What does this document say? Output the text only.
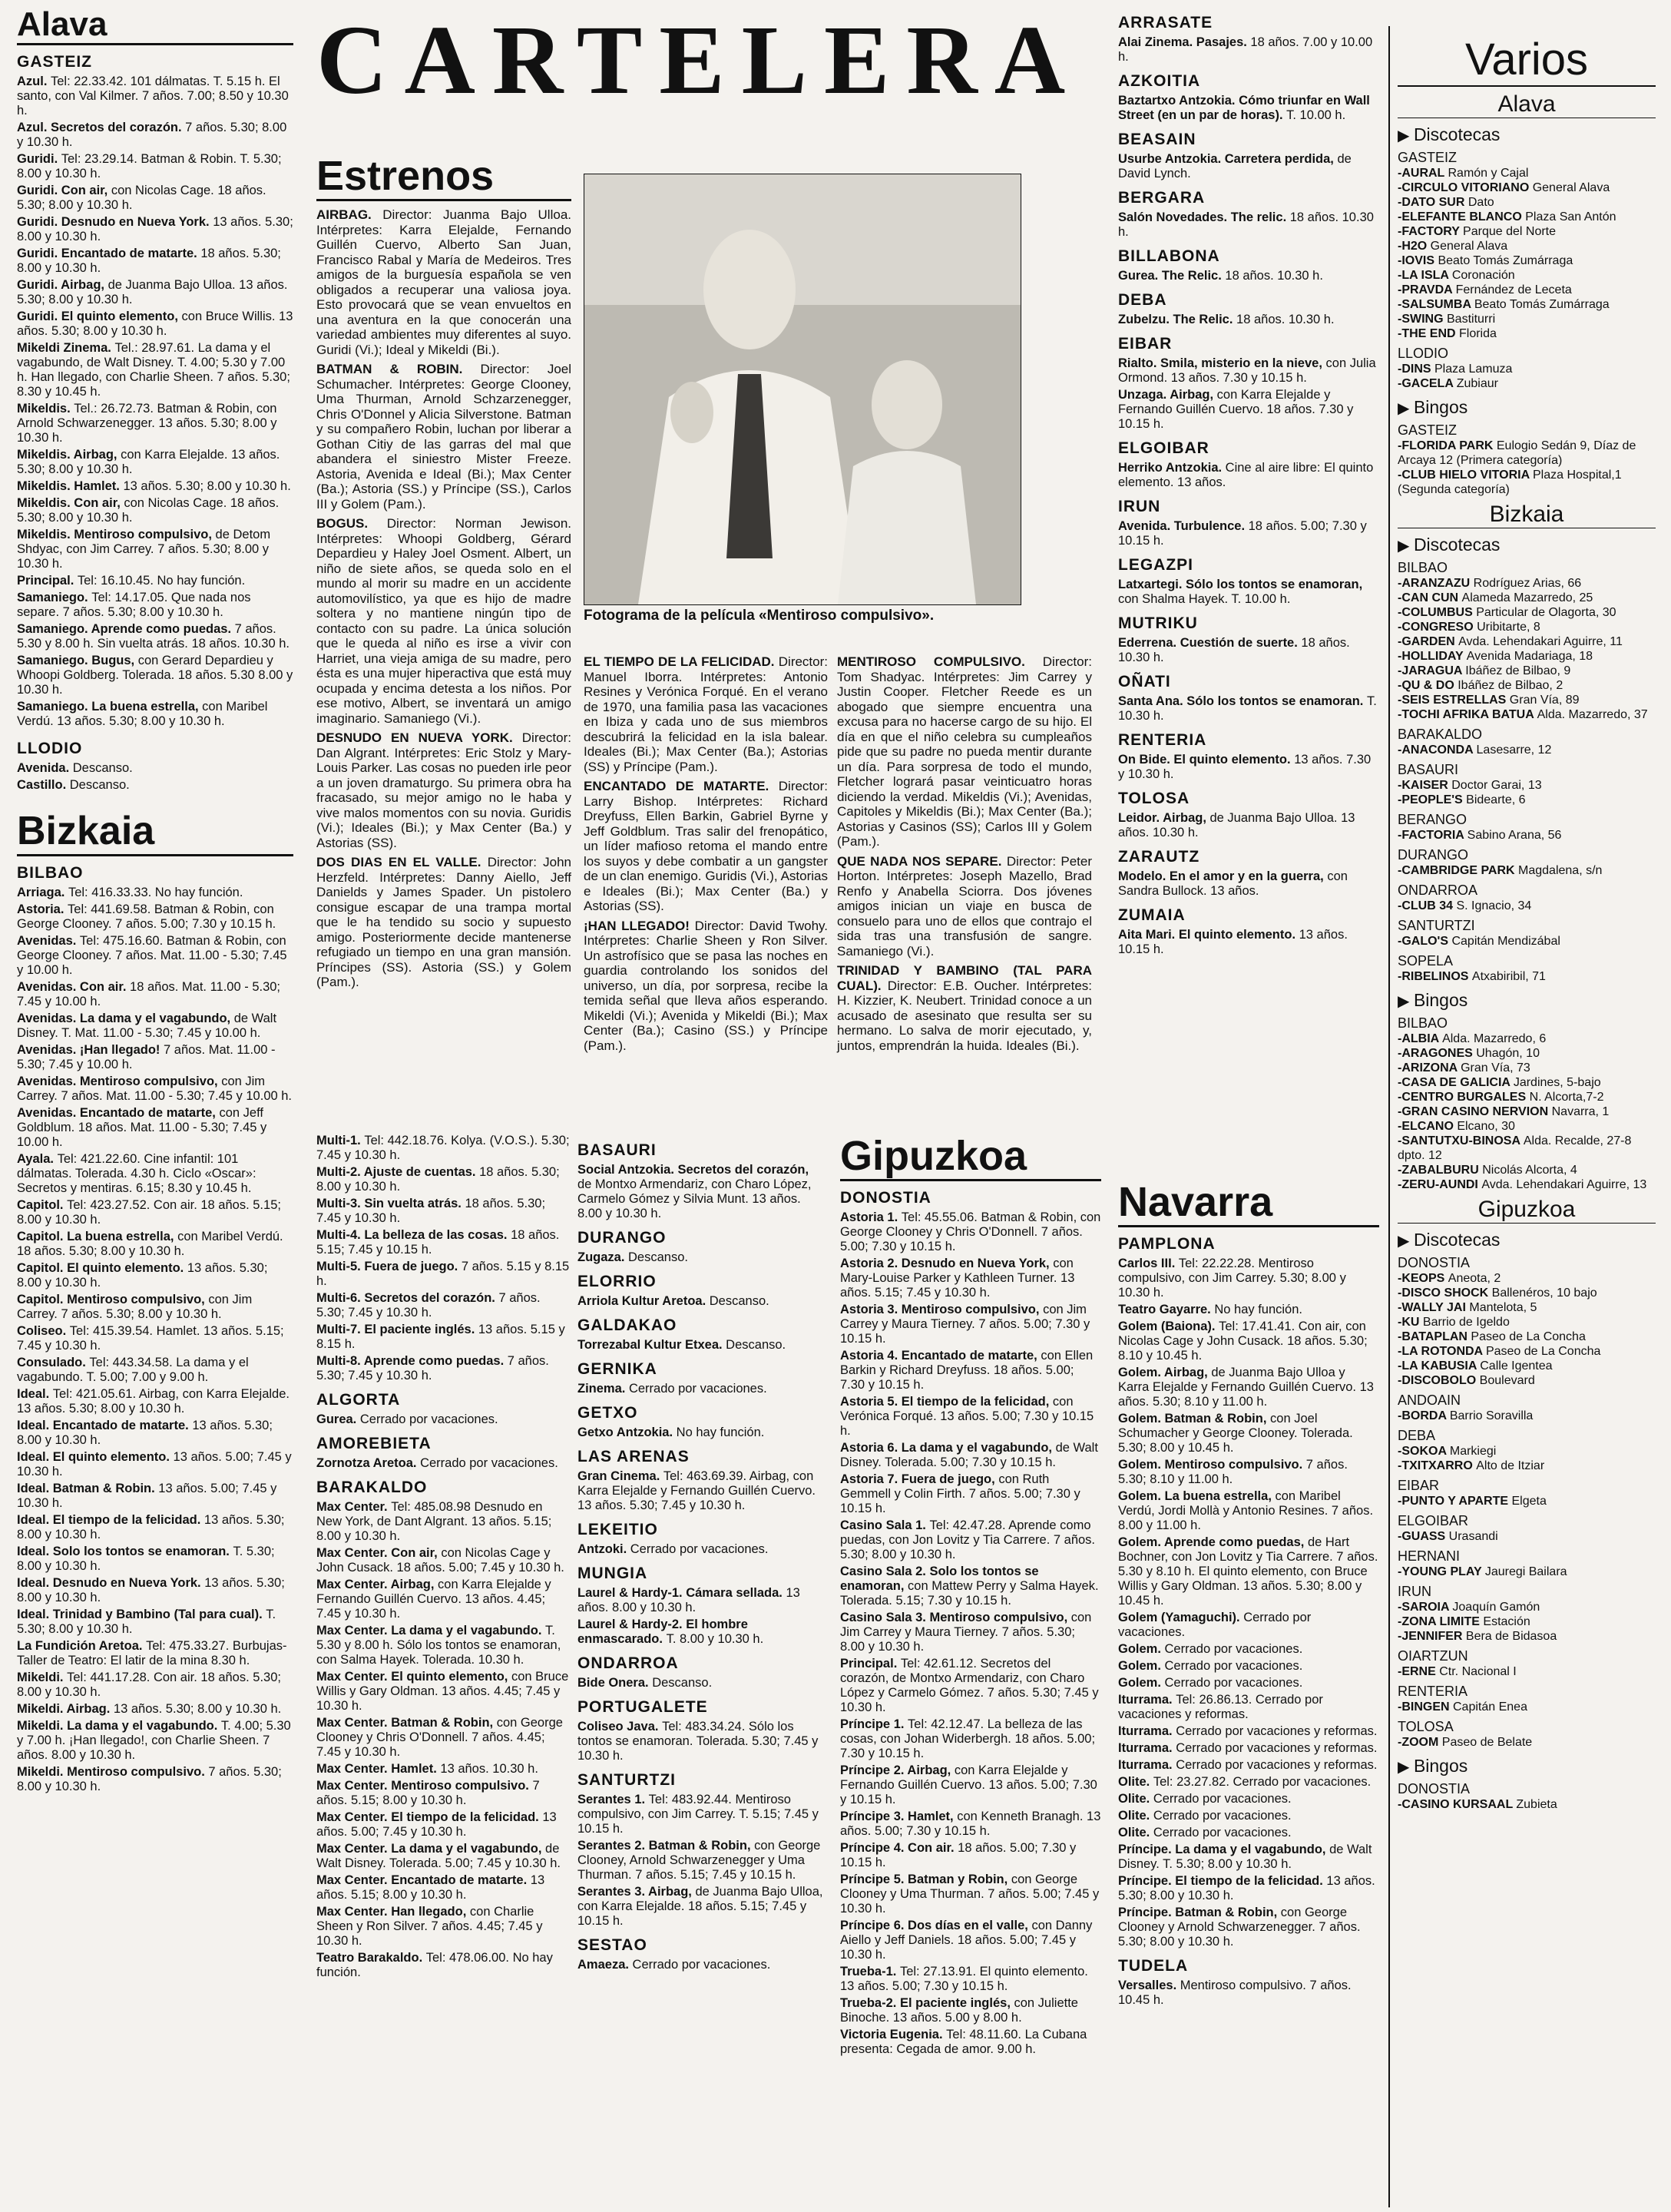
Alava
GASTEIZ

Azul. Tel: 22.33.42. 101 dálmatas. T. 5.15 h. El santo, con Val Kilmer. 7 años. 7.00; 8.50 y 10.30 h.

Azul. Secretos del corazón. 7 años. 5.30; 8.00 y 10.30 h.

Guridi. Tel: 23.29.14. Batman & Robin. T. 5.30; 8.00 y 10.30 h.

Guridi. Con air, con Nicolas Cage. 18 años. 5.30; 8.00 y 10.30 h.

Guridi. Desnudo en Nueva York. 13 años. 5.30; 8.00 y 10.30 h.

Guridi. Encantado de matarte. 18 años. 5.30; 8.00 y 10.30 h.

Guridi. Airbag, de Juanma Bajo Ulloa. 13 años. 5.30; 8.00 y 10.30 h.

Guridi. El quinto elemento, con Bruce Willis. 13 años. 5.30; 8.00 y 10.30 h.

Mikeldi Zinema. Tel.: 28.97.61. La dama y el vagabundo, de Walt Disney. T. 4.00; 5.30 y 7.00 h. Han llegado, con Charlie Sheen. 7 años. 5.30; 8.30 y 10.45 h.

Mikeldis. Tel.: 26.72.73. Batman & Robin, con Arnold Schwarzenegger. 13 años. 5.30; 8.00 y 10.30 h.

Mikeldis. Airbag, con Karra Elejalde. 13 años. 5.30; 8.00 y 10.30 h.

Mikeldis. Hamlet. 13 años. 5.30; 8.00 y 10.30 h.

Mikeldis. Con air, con Nicolas Cage. 18 años. 5.30; 8.00 y 10.30 h.

Mikeldis. Mentiroso compulsivo, de Detom Shdyac, con Jim Carrey. 7 años. 5.30; 8.00 y 10.30 h.

Principal. Tel: 16.10.45. No hay función.

Samaniego. Tel: 14.17.05. Que nada nos separe. 7 años. 5.30; 8.00 y 10.30 h.

Samaniego. Aprende como puedas. 7 años. 5.30 y 8.00 h. Sin vuelta atrás. 18 años. 10.30 h.

Samaniego. Bugus, con Gerard Depardieu y Whoopi Goldberg. Tolerada. 18 años. 5.30 8.00 y 10.30 h.

Samaniego. La buena estrella, con Maribel Verdú. 13 años. 5.30; 8.00 y 10.30 h.

LLODIO

Avenida. Descanso.

Castillo. Descanso.

Bizkaia
BILBAO

Arriaga. Tel: 416.33.33. No hay función.

Astoria. Tel: 441.69.58. Batman & Robin, con George Clooney. 7 años. 5.00; 7.30 y 10.15 h.

Avenidas. Tel: 475.16.60. Batman & Robin, con George Clooney. 7 años. Mat. 11.00 - 5.30; 7.45 y 10.00 h.

Avenidas. Con air. 18 años. Mat. 11.00 - 5.30; 7.45 y 10.00 h.

Avenidas. La dama y el vagabundo, de Walt Disney. T. Mat. 11.00 - 5.30; 7.45 y 10.00 h.

Avenidas. ¡Han llegado! 7 años. Mat. 11.00 - 5.30; 7.45 y 10.00 h.

Avenidas. Mentiroso compulsivo, con Jim Carrey. 7 años. Mat. 11.00 - 5.30; 7.45 y 10.00 h.

Avenidas. Encantado de matarte, con Jeff Goldblum. 18 años. Mat. 11.00 - 5.30; 7.45 y 10.00 h.

Ayala. Tel: 421.22.60. Cine infantil: 101 dálmatas. Tolerada. 4.30 h. Ciclo «Oscar»: Secretos y mentiras. 6.15; 8.30 y 10.45 h.

Capitol. Tel: 423.27.52. Con air. 18 años. 5.15; 8.00 y 10.30 h.

Capitol. La buena estrella, con Maribel Verdú. 18 años. 5.30; 8.00 y 10.30 h.

Capitol. El quinto elemento. 13 años. 5.30; 8.00 y 10.30 h.

Capitol. Mentiroso compulsivo, con Jim Carrey. 7 años. 5.30; 8.00 y 10.30 h.

Coliseo. Tel: 415.39.54. Hamlet. 13 años. 5.15; 7.45 y 10.30 h.

Consulado. Tel: 443.34.58. La dama y el vagabundo. T. 5.00; 7.00 y 9.00 h.

Ideal. Tel: 421.05.61. Airbag, con Karra Elejalde. 13 años. 5.30; 8.00 y 10.30 h.

Ideal. Encantado de matarte. 13 años. 5.30; 8.00 y 10.30 h.

Ideal. El quinto elemento. 13 años. 5.00; 7.45 y 10.30 h.

Ideal. Batman & Robin. 13 años. 5.00; 7.45 y 10.30 h.

Ideal. El tiempo de la felicidad. 13 años. 5.30; 8.00 y 10.30 h.

Ideal. Solo los tontos se enamoran. T. 5.30; 8.00 y 10.30 h.

Ideal. Desnudo en Nueva York. 13 años. 5.30; 8.00 y 10.30 h.

Ideal. Trinidad y Bambino (Tal para cual). T. 5.30; 8.00 y 10.30 h.

La Fundición Aretoa. Tel: 475.33.27. Burbujas-Taller de Teatro: El latir de la mina 8.30 h.

Mikeldi. Tel: 441.17.28. Con air. 18 años. 5.30; 8.00 y 10.30 h.

Mikeldi. Airbag. 13 años. 5.30; 8.00 y 10.30 h.

Mikeldi. La dama y el vagabundo. T. 4.00; 5.30 y 7.00 h. ¡Han llegado!, con Charlie Sheen. 7 años. 8.00 y 10.30 h.

Mikeldi. Mentiroso compulsivo. 7 años. 5.30; 8.00 y 10.30 h.

CARTELERA
Estrenos

AIRBAG. Director: Juanma Bajo Ulloa. Intérpretes: Karra Elejalde, Fernando Guillén Cuervo, Alberto San Juan, Francisco Rabal y María de Medeiros. Tres amigos de la burguesía española se ven obligados a recuperar una valiosa joya. Esto provocará que se vean envueltos en una aventura en la que conocerán una variedad ambientes muy diferentes al suyo. Guridi (Vi.); Ideal y Mikeldi (Bi.).

BATMAN & ROBIN. Director: Joel Schumacher. Intérpretes: George Clooney, Uma Thurman, Arnold Schzarzenegger, Chris O'Donnel y Alicia Silverstone. Batman y su compañero Robin, luchan por liberar a Gothan Citiy de las garras del mal que abandera el siniestro Mister Freeze. Astoria, Avenida e Ideal (Bi.); Max Center (Ba.); Astoria (SS.) y Príncipe (SS.), Carlos III y Golem (Pam.).

BOGUS. Director: Norman Jewison. Intérpretes: Whoopi Goldberg, Gérard Depardieu y Haley Joel Osment. Albert, un niño de siete años, se queda solo en el mundo al morir su madre en un accidente automovilístico, ya que es hijo de madre soltera y no mantiene ningún tipo de contacto con su padre. La única solución que le queda al niño es irse a vivir con Harriet, una vieja amiga de su madre, pero ésta es una mujer hiperactiva que está muy ocupada y encima detesta a los niños. Por ese motivo, Albert, se inventará un amigo imaginario. Samaniego (Vi.).

DESNUDO EN NUEVA YORK. Director: Dan Algrant. Intérpretes: Eric Stolz y Mary-Louis Parker. Las cosas no pueden irle peor a un joven dramaturgo. Su primera obra ha fracasado, su mejor amigo no le haba y vive malos momentos con su novia. Guridis (Vi.); Ideales (Bi.); y Max Center (Ba.) y Astorias (SS).

DOS DIAS EN EL VALLE. Director: John Herzfeld. Intérpretes: Danny Aiello, Jeff Danields y James Spader. Un pistolero consigue escapar de una trampa mortal que le ha tendido su socio y supuesto amigo. Posteriormente decide mantenerse refugiado un tiempo en una gran mansión. Príncipes (SS). Astoria (SS.) y Golem (Pam.).

Fotograma de la película «Mentiroso compulsivo».

EL TIEMPO DE LA FELICIDAD. Director: Manuel Iborra. Intérpretes: Antonio Resines y Verónica Forqué. En el verano de 1970, una familia pasa las vacaciones en Ibiza y cada uno de sus miembros descubrirá la felicidad en la isla balear. Ideales (Bi.); Max Center (Ba.); Astorias (SS) y Príncipe (Pam.).

ENCANTADO DE MATARTE. Director: Larry Bishop. Intérpretes: Richard Dreyfuss, Ellen Barkin, Gabriel Byrne y Jeff Goldblum. Tras salir del frenopático, un líder mafioso retoma el mando entre los suyos y debe combatir a un gangster de un clan enemigo. Guridis (Vi.), Astorias e Ideales (Bi.); Max Center (Ba.) y Astorias (SS).

¡HAN LLEGADO! Director: David Twohy. Intérpretes: Charlie Sheen y Ron Silver. Un astrofísico que se pasa las noches en guardia controlando los sonidos del universo, un día, por sorpresa, recibe la temida señal que lleva años esperando. Mikeldi (Vi.); Avenida y Mikeldi (Bi.); Max Center (Ba.); Casino (SS.) y Príncipe (Pam.).

MENTIROSO COMPULSIVO. Director: Tom Shadyac. Intérpretes: Jim Carrey y Justin Cooper. Fletcher Reede es un abogado que siempre encuentra una excusa para no hacerse cargo de su hijo. El día en que el niño celebra su cumpleaños pide que su padre no pueda mentir durante un día. Para sorpresa de todo el mundo, Fletcher logrará pasar veinticuatro horas diciendo la verdad. Mikeldis (Vi.); Avenidas, Capitoles y Mikeldis (Bi.); Max Center (Ba.); Astorias y Casinos (SS); Carlos III y Golem (Pam.).

QUE NADA NOS SEPARE. Director: Peter Horton. Intérpretes: Joseph Mazello, Brad Renfo y Anabella Sciorra. Dos jóvenes amigos inician un viaje en busca de consuelo para uno de ellos que contrajo el sida tras una transfusión de sangre. Samaniego (Vi.).

TRINIDAD Y BAMBINO (TAL PARA CUAL). Director: E.B. Oucher. Intérpretes: H. Kizzier, K. Neubert. Trinidad conoce a un acusado de asesinato que resulta ser su hermano. Lo salva de morir ejecutado, y, juntos, emprendrán la huida. Ideales (Bi.).

Multi-1. Tel: 442.18.76. Kolya. (V.O.S.). 5.30; 7.45 y 10.30 h.

Multi-2. Ajuste de cuentas. 18 años. 5.30; 8.00 y 10.30 h.

Multi-3. Sin vuelta atrás. 18 años. 5.30; 7.45 y 10.30 h.

Multi-4. La belleza de las cosas. 18 años. 5.15; 7.45 y 10.15 h.

Multi-5. Fuera de juego. 7 años. 5.15 y 8.15 h.

Multi-6. Secretos del corazón. 7 años. 5.30; 7.45 y 10.30 h.

Multi-7. El paciente inglés. 13 años. 5.15 y 8.15 h.

Multi-8. Aprende como puedas. 7 años. 5.30; 7.45 y 10.30 h.

ALGORTA

Gurea. Cerrado por vacaciones.

AMOREBIETA

Zornotza Aretoa. Cerrado por vacaciones.

BARAKALDO

Max Center. Tel: 485.08.98 Desnudo en New York, de Dant Algrant. 13 años. 5.15; 8.00 y 10.30 h.

Max Center. Con air, con Nicolas Cage y John Cusack. 18 años. 5.00; 7.45 y 10.30 h.

Max Center. Airbag, con Karra Elejalde y Fernando Guillén Cuervo. 13 años. 4.45; 7.45 y 10.30 h.

Max Center. La dama y el vagabundo. T. 5.30 y 8.00 h. Sólo los tontos se enamoran, con Salma Hayek. Tolerada. 10.30 h.

Max Center. El quinto elemento, con Bruce Willis y Gary Oldman. 13 años. 4.45; 7.45 y 10.30 h.

Max Center. Batman & Robin, con George Clooney y Chris O'Donnell. 7 años. 4.45; 7.45 y 10.30 h.

Max Center. Hamlet. 13 años. 10.30 h.

Max Center. Mentiroso compulsivo. 7 años. 5.15; 8.00 y 10.30 h.

Max Center. El tiempo de la felicidad. 13 años. 5.00; 7.45 y 10.30 h.

Max Center. La dama y el vagabundo, de Walt Disney. Tolerada. 5.00; 7.45 y 10.30 h.

Max Center. Encantado de matarte. 13 años. 5.15; 8.00 y 10.30 h.

Max Center. Han llegado, con Charlie Sheen y Ron Silver. 7 años. 4.45; 7.45 y 10.30 h.

Teatro Barakaldo. Tel: 478.06.00. No hay función.

BASAURI

Social Antzokia. Secretos del corazón, de Montxo Armendariz, con Charo López, Carmelo Gómez y Silvia Munt. 13 años. 8.00 y 10.30 h.

DURANGO

Zugaza. Descanso.

ELORRIO

Arriola Kultur Aretoa. Descanso.

GALDAKAO

Torrezabal Kultur Etxea. Descanso.

GERNIKA

Zinema. Cerrado por vacaciones.

GETXO

Getxo Antzokia. No hay función.

LAS ARENAS

Gran Cinema. Tel: 463.69.39. Airbag, con Karra Elejalde y Fernando Guillén Cuervo. 13 años. 5.30; 7.45 y 10.30 h.

LEKEITIO

Antzoki. Cerrado por vacaciones.

MUNGIA

Laurel & Hardy-1. Cámara sellada. 13 años. 8.00 y 10.30 h.

Laurel & Hardy-2. El hombre enmascarado. T. 8.00 y 10.30 h.

ONDARROA

Bide Onera. Descanso.

PORTUGALETE

Coliseo Java. Tel: 483.34.24. Sólo los tontos se enamoran. Tolerada. 5.30; 7.45 y 10.30 h.

SANTURTZI

Serantes 1. Tel: 483.92.44. Mentiroso compulsivo, con Jim Carrey. T. 5.15; 7.45 y 10.15 h.

Serantes 2. Batman & Robin, con George Clooney, Arnold Schwarzenegger y Uma Thurman. 7 años. 5.15; 7.45 y 10.15 h.

Serantes 3. Airbag, de Juanma Bajo Ulloa, con Karra Elejalde. 18 años. 5.15; 7.45 y 10.15 h.

SESTAO

Amaeza. Cerrado por vacaciones.

ARRASATE

Alai Zinema. Pasajes. 18 años. 7.00 y 10.00 h.

AZKOITIA

Baztartxo Antzokia. Cómo triunfar en Wall Street (en un par de horas). T. 10.00 h.

BEASAIN

Usurbe Antzokia. Carretera perdida, de David Lynch.

BERGARA

Salón Novedades. The relic. 18 años. 10.30 h.

BILLABONA

Gurea. The Relic. 18 años. 10.30 h.

DEBA

Zubelzu. The Relic. 18 años. 10.30 h.

EIBAR

Rialto. Smila, misterio en la nieve, con Julia Ormond. 13 años. 7.30 y 10.15 h.

Unzaga. Airbag, con Karra Elejalde y Fernando Guillén Cuervo. 18 años. 7.30 y 10.15 h.

ELGOIBAR

Herriko Antzokia. Cine al aire libre: El quinto elemento. 13 años.

IRUN

Avenida. Turbulence. 18 años. 5.00; 7.30 y 10.15 h.

LEGAZPI

Latxartegi. Sólo los tontos se enamoran, con Shalma Hayek. T. 10.00 h.

MUTRIKU

Ederrena. Cuestión de suerte. 18 años. 10.30 h.

OÑATI

Santa Ana. Sólo los tontos se enamoran. T. 10.30 h.

RENTERIA

On Bide. El quinto elemento. 13 años. 7.30 y 10.30 h.

TOLOSA

Leidor. Airbag, de Juanma Bajo Ulloa. 13 años. 10.30 h.

ZARAUTZ

Modelo. En el amor y en la guerra, con Sandra Bullock. 13 años.

ZUMAIA

Aita Mari. El quinto elemento. 13 años. 10.15 h.

Gipuzkoa
DONOSTIA

Astoria 1. Tel: 45.55.06. Batman & Robin, con George Clooney y Chris O'Donnell. 7 años. 5.00; 7.30 y 10.15 h.

Astoria 2. Desnudo en Nueva York, con Mary-Louise Parker y Kathleen Turner. 13 años. 5.15; 7.45 y 10.30 h.

Astoria 3. Mentiroso compulsivo, con Jim Carrey y Maura Tierney. 7 años. 5.00; 7.30 y 10.15 h.

Astoria 4. Encantado de matarte, con Ellen Barkin y Richard Dreyfuss. 18 años. 5.00; 7.30 y 10.15 h.

Astoria 5. El tiempo de la felicidad, con Verónica Forqué. 13 años. 5.00; 7.30 y 10.15 h.

Astoria 6. La dama y el vagabundo, de Walt Disney. Tolerada. 5.00; 7.30 y 10.15 h.

Astoria 7. Fuera de juego, con Ruth Gemmell y Colin Firth. 7 años. 5.00; 7.30 y 10.15 h.

Casino Sala 1. Tel: 42.47.28. Aprende como puedas, con Jon Lovitz y Tia Carrere. 7 años. 5.30; 8.00 y 10.30 h.

Casino Sala 2. Solo los tontos se enamoran, con Mattew Perry y Salma Hayek. Tolerada. 5.15; 7.30 y 10.15 h.

Casino Sala 3. Mentiroso compulsivo, con Jim Carrey y Maura Tierney. 7 años. 5.30; 8.00 y 10.30 h.

Principal. Tel: 42.61.12. Secretos del corazón, de Montxo Armendariz, con Charo López y Carmelo Gómez. 7 años. 5.30; 7.45 y 10.30 h.

Príncipe 1. Tel: 42.12.47. La belleza de las cosas, con Johan Widerbergh. 18 años. 5.00; 7.30 y 10.15 h.

Príncipe 2. Airbag, con Karra Elejalde y Fernando Guillén Cuervo. 13 años. 5.00; 7.30 y 10.15 h.

Príncipe 3. Hamlet, con Kenneth Branagh. 13 años. 5.00; 7.30 y 10.15 h.

Príncipe 4. Con air. 18 años. 5.00; 7.30 y 10.15 h.

Príncipe 5. Batman y Robin, con George Clooney y Uma Thurman. 7 años. 5.00; 7.45 y 10.30 h.

Príncipe 6. Dos días en el valle, con Danny Aiello y Jeff Daniels. 18 años. 5.00; 7.45 y 10.30 h.

Trueba-1. Tel: 27.13.91. El quinto elemento. 13 años. 5.00; 7.30 y 10.15 h.

Trueba-2. El paciente inglés, con Juliette Binoche. 13 años. 5.00 y 8.00 h.

Victoria Eugenia. Tel: 48.11.60. La Cubana presenta: Cegada de amor. 9.00 h.

Navarra
PAMPLONA

Carlos III. Tel: 22.22.28. Mentiroso compulsivo, con Jim Carrey. 5.30; 8.00 y 10.30 h.

Teatro Gayarre. No hay función.

Golem (Baiona). Tel: 17.41.41. Con air, con Nicolas Cage y John Cusack. 18 años. 5.30; 8.10 y 10.45 h.

Golem. Airbag, de Juanma Bajo Ulloa y Karra Elejalde y Fernando Guillén Cuervo. 13 años. 5.30; 8.10 y 11.00 h.

Golem. Batman & Robin, con Joel Schumacher y George Clooney. Tolerada. 5.30; 8.00 y 10.45 h.

Golem. Mentiroso compulsivo. 7 años. 5.30; 8.10 y 11.00 h.

Golem. La buena estrella, con Maribel Verdú, Jordi Mollà y Antonio Resines. 7 años. 8.00 y 11.00 h.

Golem. Aprende como puedas, de Hart Bochner, con Jon Lovitz y Tia Carrere. 7 años. 5.30 y 8.10 h. El quinto elemento, con Bruce Willis y Gary Oldman. 13 años. 5.30; 8.00 y 10.45 h.

Golem (Yamaguchi). Cerrado por vacaciones.

Golem. Cerrado por vacaciones.

Golem. Cerrado por vacaciones.

Golem. Cerrado por vacaciones.

Iturrama. Tel: 26.86.13. Cerrado por vacaciones y reformas.

Iturrama. Cerrado por vacaciones y reformas.

Iturrama. Cerrado por vacaciones y reformas.

Iturrama. Cerrado por vacaciones y reformas.

Olite. Tel: 23.27.82. Cerrado por vacaciones.

Olite. Cerrado por vacaciones.

Olite. Cerrado por vacaciones.

Olite. Cerrado por vacaciones.

Príncipe. La dama y el vagabundo, de Walt Disney. T. 5.30; 8.00 y 10.30 h.

Príncipe. El tiempo de la felicidad. 13 años. 5.30; 8.00 y 10.30 h.

Príncipe. Batman & Robin, con George Clooney y Arnold Schwarzenegger. 7 años. 5.30; 8.00 y 10.30 h.

TUDELA

Versalles. Mentiroso compulsivo. 7 años. 10.45 h.

Varios
Alava
▶ Discotecas
GASTEIZ

-AURAL Ramón y Cajal

-CIRCULO VITORIANO General Alava

-DATO SUR Dato

-ELEFANTE BLANCO Plaza San Antón

-FACTORY Parque del Norte

-H2O General Alava

-IOVIS Beato Tomás Zumárraga

-LA ISLA Coronación

-PRAVDA Fernández de Leceta

-SALSUMBA Beato Tomás Zumárraga

-SWING Bastiturri

-THE END Florida

LLODIO

-DINS Plaza Lamuza

-GACELA Zubiaur

▶ Bingos
GASTEIZ

-FLORIDA PARK Eulogio Sedán 9, Díaz de Arcaya 12 (Primera categoría)

-CLUB HIELO VITORIA Plaza Hospital,1 (Segunda categoría)

Bizkaia
▶ Discotecas
BILBAO

-ARANZAZU Rodríguez Arias, 66

-CAN CUN Alameda Mazarredo, 25

-COLUMBUS Particular de Olagorta, 30

-CONGRESO Uribitarte, 8

-GARDEN Avda. Lehendakari Aguirre, 11

-HOLLIDAY Avenida Madariaga, 18

-JARAGUA Ibáñez de Bilbao, 9

-QU & DO Ibáñez de Bilbao, 2

-SEIS ESTRELLAS Gran Vía, 89

-TOCHI AFRIKA BATUA Alda. Mazarredo, 37

BARAKALDO

-ANACONDA Lasesarre, 12

BASAURI

-KAISER Doctor Garai, 13

-PEOPLE'S Bidearte, 6

BERANGO

-FACTORIA Sabino Arana, 56

DURANGO

-CAMBRIDGE PARK Magdalena, s/n

ONDARROA

-CLUB 34 S. Ignacio, 34

SANTURTZI

-GALO'S Capitán Mendizábal

SOPELA

-RIBELINOS Atxabiribil, 71

▶ Bingos
BILBAO

-ALBIA Alda. Mazarredo, 6

-ARAGONES Uhagón, 10

-ARIZONA Gran Vía, 73

-CASA DE GALICIA Jardines, 5-bajo

-CENTRO BURGALES N. Alcorta,7-2

-GRAN CASINO NERVION Navarra, 1

-ELCANO Elcano, 30

-SANTUTXU-BINOSA Alda. Recalde, 27-8 dpto. 12

-ZABALBURU Nicolás Alcorta, 4

-ZERU-AUNDI Avda. Lehendakari Aguirre, 13

Gipuzkoa
▶ Discotecas
DONOSTIA

-KEOPS Aneota, 2

-DISCO SHOCK Ballenéros, 10 bajo

-WALLY JAI Mantelota, 5

-KU Barrio de Igeldo

-BATAPLAN Paseo de La Concha

-LA ROTONDA Paseo de La Concha

-LA KABUSIA Calle Igentea

-DISCOBOLO Boulevard

ANDOAIN

-BORDA Barrio Soravilla

DEBA

-SOKOA Markiegi

-TXITXARRO Alto de Itziar

EIBAR

-PUNTO Y APARTE Elgeta

ELGOIBAR

-GUASS Urasandi

HERNANI

-YOUNG PLAY Jauregi Bailara

IRUN

-SAROIA Joaquín Gamón

-ZONA LIMITE Estación

-JENNIFER Bera de Bidasoa

OIARTZUN

-ERNE Ctr. Nacional I

RENTERIA

-BINGEN Capitán Enea

TOLOSA

-ZOOM Paseo de Belate

▶ Bingos
DONOSTIA

-CASINO KURSAAL Zubieta
